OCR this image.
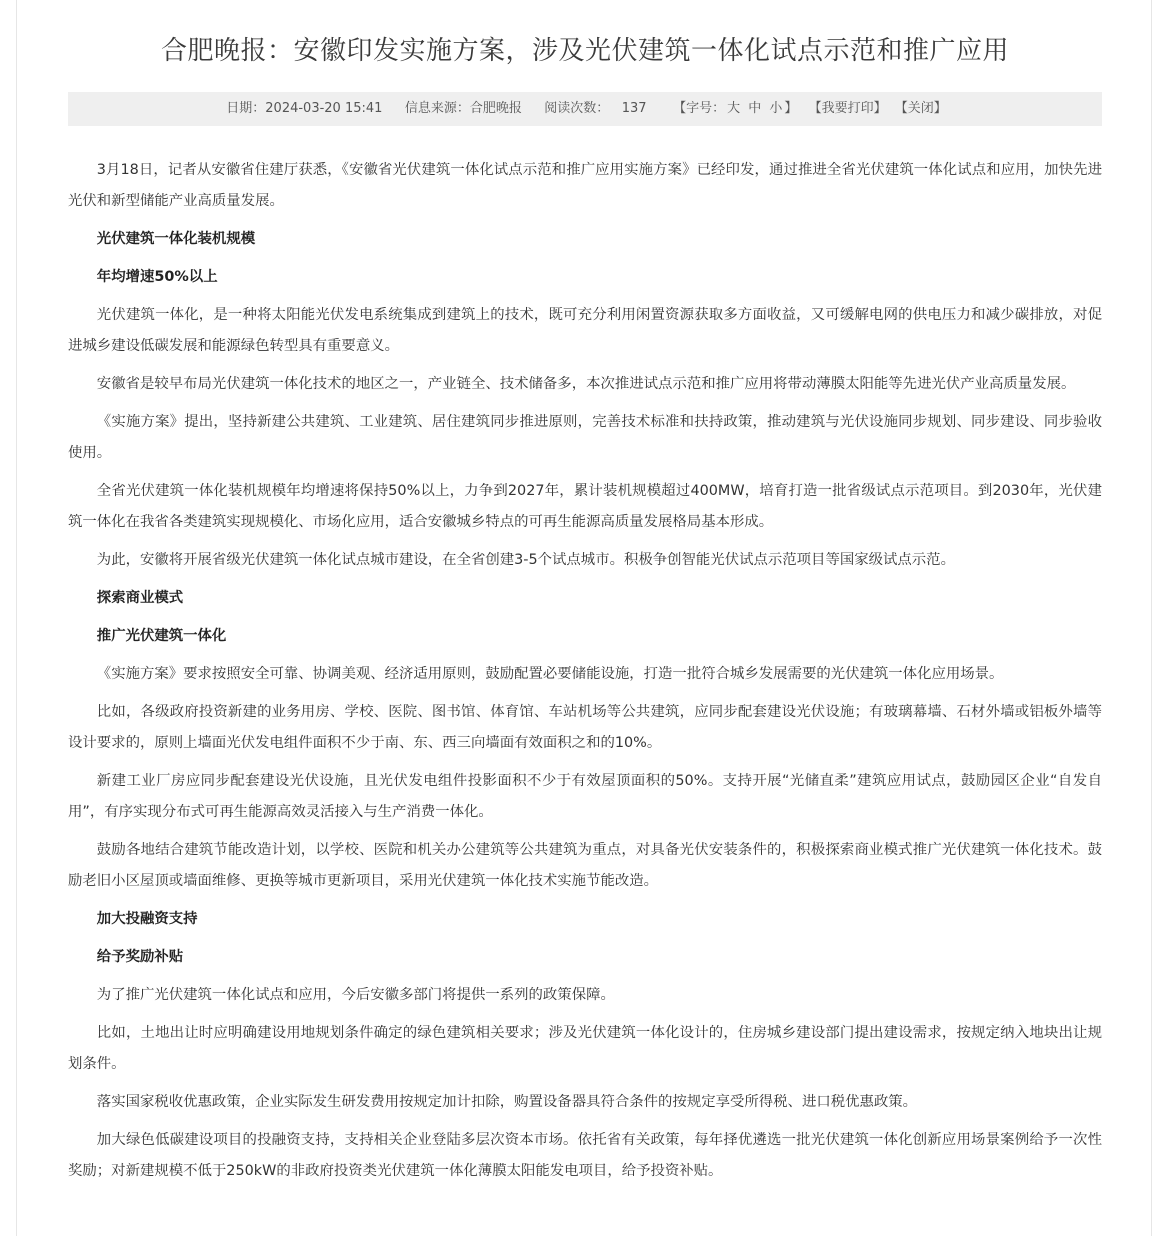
合肥晚报：安徽印发实施方案，涉及光伏建筑一体化试点示范和推广应用
日期：2024-03-20 15:41 信息来源：合肥晚报 阅读次数： 137 【字号： 大 中 小 】 【我要打印】 【关闭】

3月18日，记者从安徽省住建厅获悉，《安徽省光伏建筑一体化试点示范和推广应用实施方案》已经印发，通过推进全省光伏建筑一体化试点和应用，加快先进光伏和新型储能产业高质量发展。

光伏建筑一体化装机规模

年均增速50%以上

光伏建筑一体化，是一种将太阳能光伏发电系统集成到建筑上的技术，既可充分利用闲置资源获取多方面收益，又可缓解电网的供电压力和减少碳排放，对促进城乡建设低碳发展和能源绿色转型具有重要意义。

安徽省是较早布局光伏建筑一体化技术的地区之一，产业链全、技术储备多，本次推进试点示范和推广应用将带动薄膜太阳能等先进光伏产业高质量发展。

《实施方案》提出，坚持新建公共建筑、工业建筑、居住建筑同步推进原则，完善技术标准和扶持政策，推动建筑与光伏设施同步规划、同步建设、同步验收使用。

全省光伏建筑一体化装机规模年均增速将保持50%以上，力争到2027年，累计装机规模超过400MW，培育打造一批省级试点示范项目。到2030年，光伏建筑一体化在我省各类建筑实现规模化、市场化应用，适合安徽城乡特点的可再生能源高质量发展格局基本形成。

为此，安徽将开展省级光伏建筑一体化试点城市建设，在全省创建3-5个试点城市。积极争创智能光伏试点示范项目等国家级试点示范。

探索商业模式

推广光伏建筑一体化

《实施方案》要求按照安全可靠、协调美观、经济适用原则，鼓励配置必要储能设施，打造一批符合城乡发展需要的光伏建筑一体化应用场景。

比如，各级政府投资新建的业务用房、学校、医院、图书馆、体育馆、车站机场等公共建筑，应同步配套建设光伏设施；有玻璃幕墙、石材外墙或铝板外墙等设计要求的，原则上墙面光伏发电组件面积不少于南、东、西三向墙面有效面积之和的10%。

新建工业厂房应同步配套建设光伏设施，且光伏发电组件投影面积不少于有效屋顶面积的50%。支持开展“光储直柔”建筑应用试点，鼓励园区企业“自发自用”，有序实现分布式可再生能源高效灵活接入与生产消费一体化。

鼓励各地结合建筑节能改造计划，以学校、医院和机关办公建筑等公共建筑为重点，对具备光伏安装条件的，积极探索商业模式推广光伏建筑一体化技术。鼓励老旧小区屋顶或墙面维修、更换等城市更新项目，采用光伏建筑一体化技术实施节能改造。

加大投融资支持

给予奖励补贴

为了推广光伏建筑一体化试点和应用，今后安徽多部门将提供一系列的政策保障。

比如，土地出让时应明确建设用地规划条件确定的绿色建筑相关要求；涉及光伏建筑一体化设计的，住房城乡建设部门提出建设需求，按规定纳入地块出让规划条件。

落实国家税收优惠政策，企业实际发生研发费用按规定加计扣除，购置设备器具符合条件的按规定享受所得税、进口税优惠政策。

加大绿色低碳建设项目的投融资支持，支持相关企业登陆多层次资本市场。依托省有关政策，每年择优遴选一批光伏建筑一体化创新应用场景案例给予一次性奖励；对新建规模不低于250kW的非政府投资类光伏建筑一体化薄膜太阳能发电项目，给予投资补贴。
